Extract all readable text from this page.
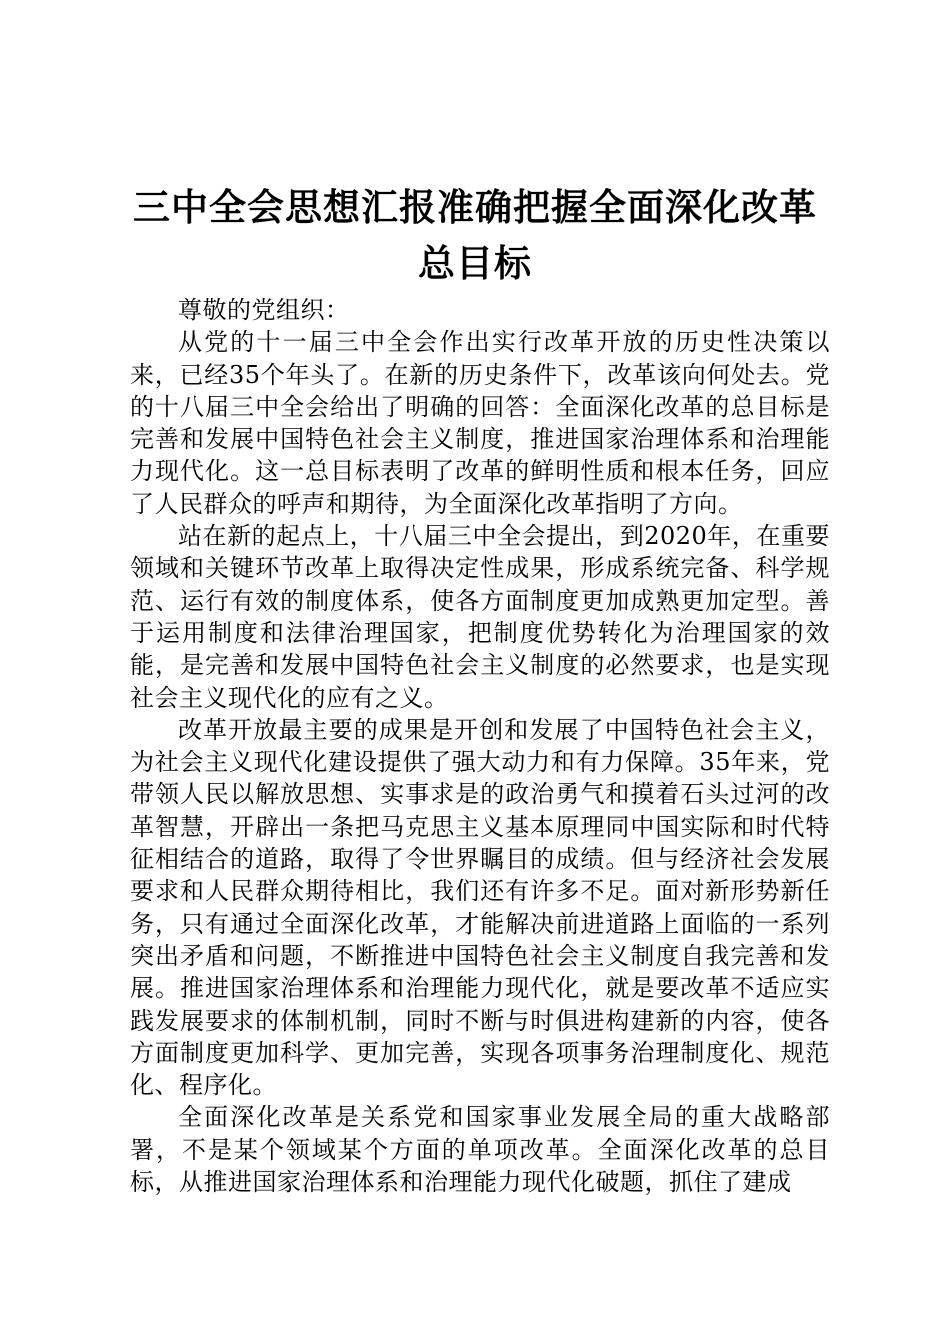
三中全会思想汇报准确把握全面深化改革总目标

尊敬的党组织：

从党的十一届三中全会作出实行改革开放的历史性决策以来，已经35个年头了。在新的历史条件下，改革该向何处去。党的十八届三中全会给出了明确的回答：全面深化改革的总目标是完善和发展中国特色社会主义制度，推进国家治理体系和治理能力现代化。这一总目标表明了改革的鲜明性质和根本任务，回应了人民群众的呼声和期待，为全面深化改革指明了方向。

站在新的起点上，十八届三中全会提出，到2020年，在重要领域和关键环节改革上取得决定性成果，形成系统完备、科学规范、运行有效的制度体系，使各方面制度更加成熟更加定型。善于运用制度和法律治理国家，把制度优势转化为治理国家的效能，是完善和发展中国特色社会主义制度的必然要求，也是实现社会主义现代化的应有之义。

改革开放最主要的成果是开创和发展了中国特色社会主义，为社会主义现代化建设提供了强大动力和有力保障。35年来，党带领人民以解放思想、实事求是的政治勇气和摸着石头过河的改革智慧，开辟出一条把马克思主义基本原理同中国实际和时代特征相结合的道路，取得了令世界瞩目的成绩。但与经济社会发展要求和人民群众期待相比，我们还有许多不足。面对新形势新任务，只有通过全面深化改革，才能解决前进道路上面临的一系列突出矛盾和问题，不断推进中国特色社会主义制度自我完善和发展。推进国家治理体系和治理能力现代化，就是要改革不适应实践发展要求的体制机制，同时不断与时俱进构建新的内容，使各方面制度更加科学、更加完善，实现各项事务治理制度化、规范化、程序化。

全面深化改革是关系党和国家事业发展全局的重大战略部署，不是某个领域某个方面的单项改革。全面深化改革的总目标，从推进国家治理体系和治理能力现代化破题，抓住了建成
